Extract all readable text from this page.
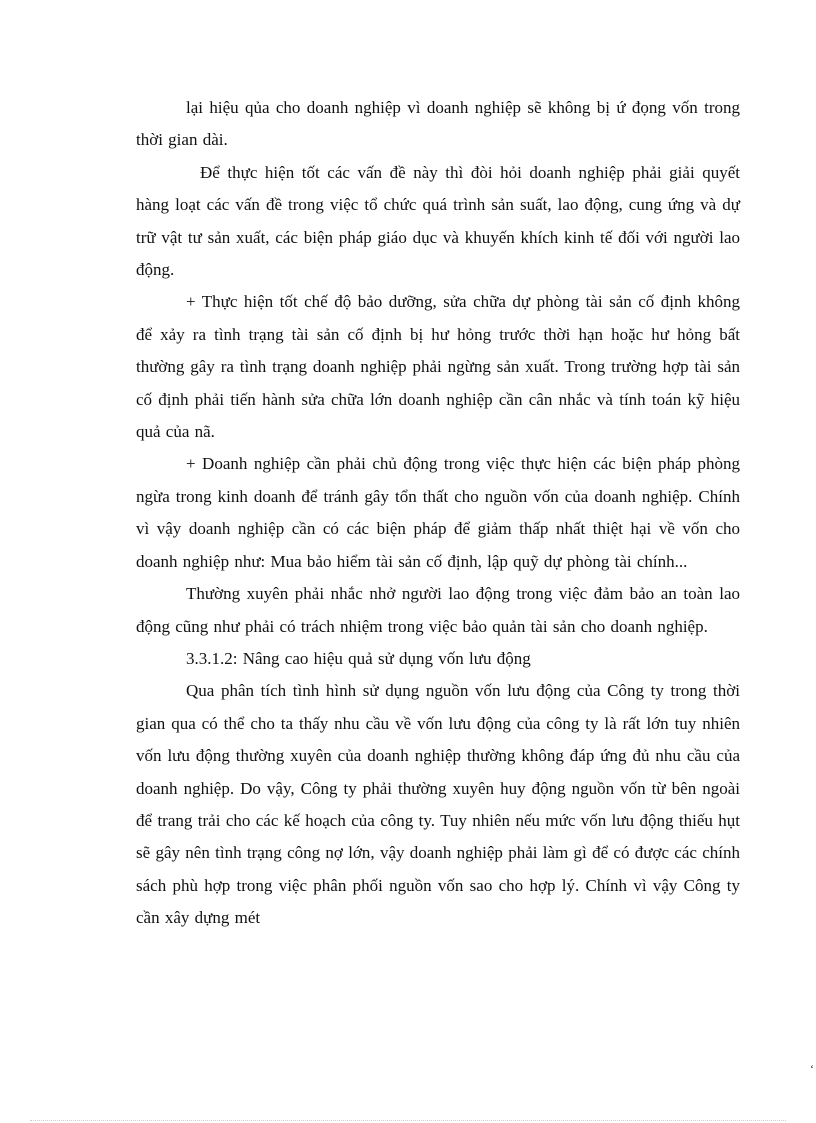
lại hiệu qủa cho doanh nghiệp vì doanh nghiệp sẽ không bị ứ đọng vốn trong thời gian dài.

Để thực hiện tốt các vấn đề này thì đòi hỏi doanh nghiệp phải giải quyết hàng loạt các vấn đề trong việc tổ chức quá trình sản suất, lao động, cung ứng và dự trữ vật tư sản xuất, các biện pháp giáo dục và khuyến khích kinh tế đối với người lao động.

+ Thực hiện tốt chế độ bảo dưỡng, sửa chữa dự phòng tài sản cố định không để xảy ra tình trạng tài sản cố định bị hư hỏng trước thời hạn hoặc hư hỏng bất thường gây ra tình trạng doanh nghiệp phải ngừng sản xuất. Trong trường hợp tài sản cố định phải tiến hành sửa chữa lớn doanh nghiệp cần cân nhắc và tính toán kỹ hiệu quả của nã.

+ Doanh nghiệp cần phải chủ động trong việc thực hiện các biện pháp phòng ngừa trong kinh doanh để tránh gây tổn thất cho nguồn vốn của doanh nghiệp. Chính vì vậy doanh nghiệp cần có các biện pháp để giảm thấp nhất thiệt hại về vốn cho doanh nghiệp như: Mua bảo hiểm tài sản cố định, lập quỹ dự phòng tài chính...

Thường xuyên phải nhắc nhở người lao động trong việc đảm bảo an toàn lao động cũng như phải có trách nhiệm trong việc bảo quản tài sản cho doanh nghiệp.

3.3.1.2: Nâng cao hiệu quả sử dụng vốn lưu động

Qua phân tích tình hình sử dụng nguồn vốn lưu động của Công ty trong thời gian qua có thể cho ta thấy nhu cầu về vốn lưu động của công ty là rất lớn tuy nhiên vốn lưu động thường xuyên của doanh nghiệp thường không đáp ứng đủ nhu cầu của doanh nghiệp. Do vậy, Công ty phải thường xuyên huy động nguồn vốn từ bên ngoài để trang trải cho các kế hoạch của công ty. Tuy nhiên nếu mức vốn lưu động thiếu hụt sẽ gây nên tình trạng công nợ lớn, vậy doanh nghiệp phải làm gì để có được các chính sách phù hợp trong việc phân phối nguồn vốn sao cho hợp lý. Chính vì vậy Công ty cần xây dựng mét

‘
